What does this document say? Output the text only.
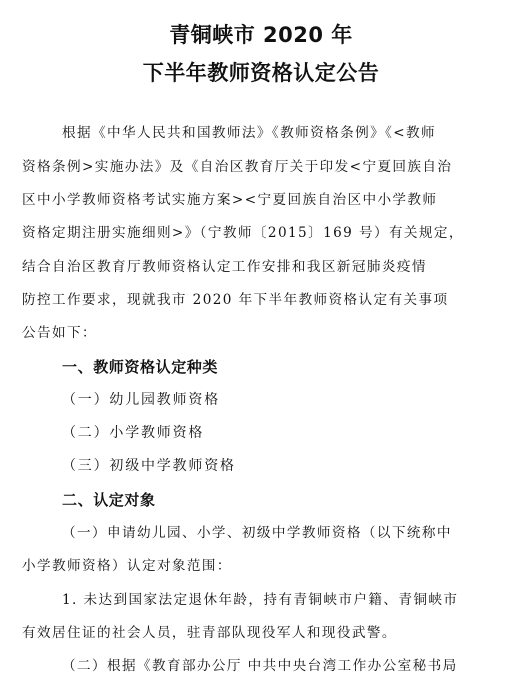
青铜峡市 2020 年
下半年教师资格认定公告
根据《中华人民共和国教师法》《教师资格条例》《<教师
资格条例>实施办法》及《自治区教育厅关于印发<宁夏回族自治
区中小学教师资格考试实施方案><宁夏回族自治区中小学教师
资格定期注册实施细则>》（宁教师〔2015〕169 号）有关规定，
结合自治区教育厅教师资格认定工作安排和我区新冠肺炎疫情
防控工作要求，现就我市 2020 年下半年教师资格认定有关事项
公告如下：
一、教师资格认定种类
（一）幼儿园教师资格
（二）小学教师资格
（三）初级中学教师资格
二、认定对象
（一）申请幼儿园、小学、初级中学教师资格（以下统称中
小学教师资格）认定对象范围：
1. 未达到国家法定退休年龄，持有青铜峡市户籍、青铜峡市
有效居住证的社会人员，驻青部队现役军人和现役武警。
（二）根据《教育部办公厅 中共中央台湾工作办公室秘书局
